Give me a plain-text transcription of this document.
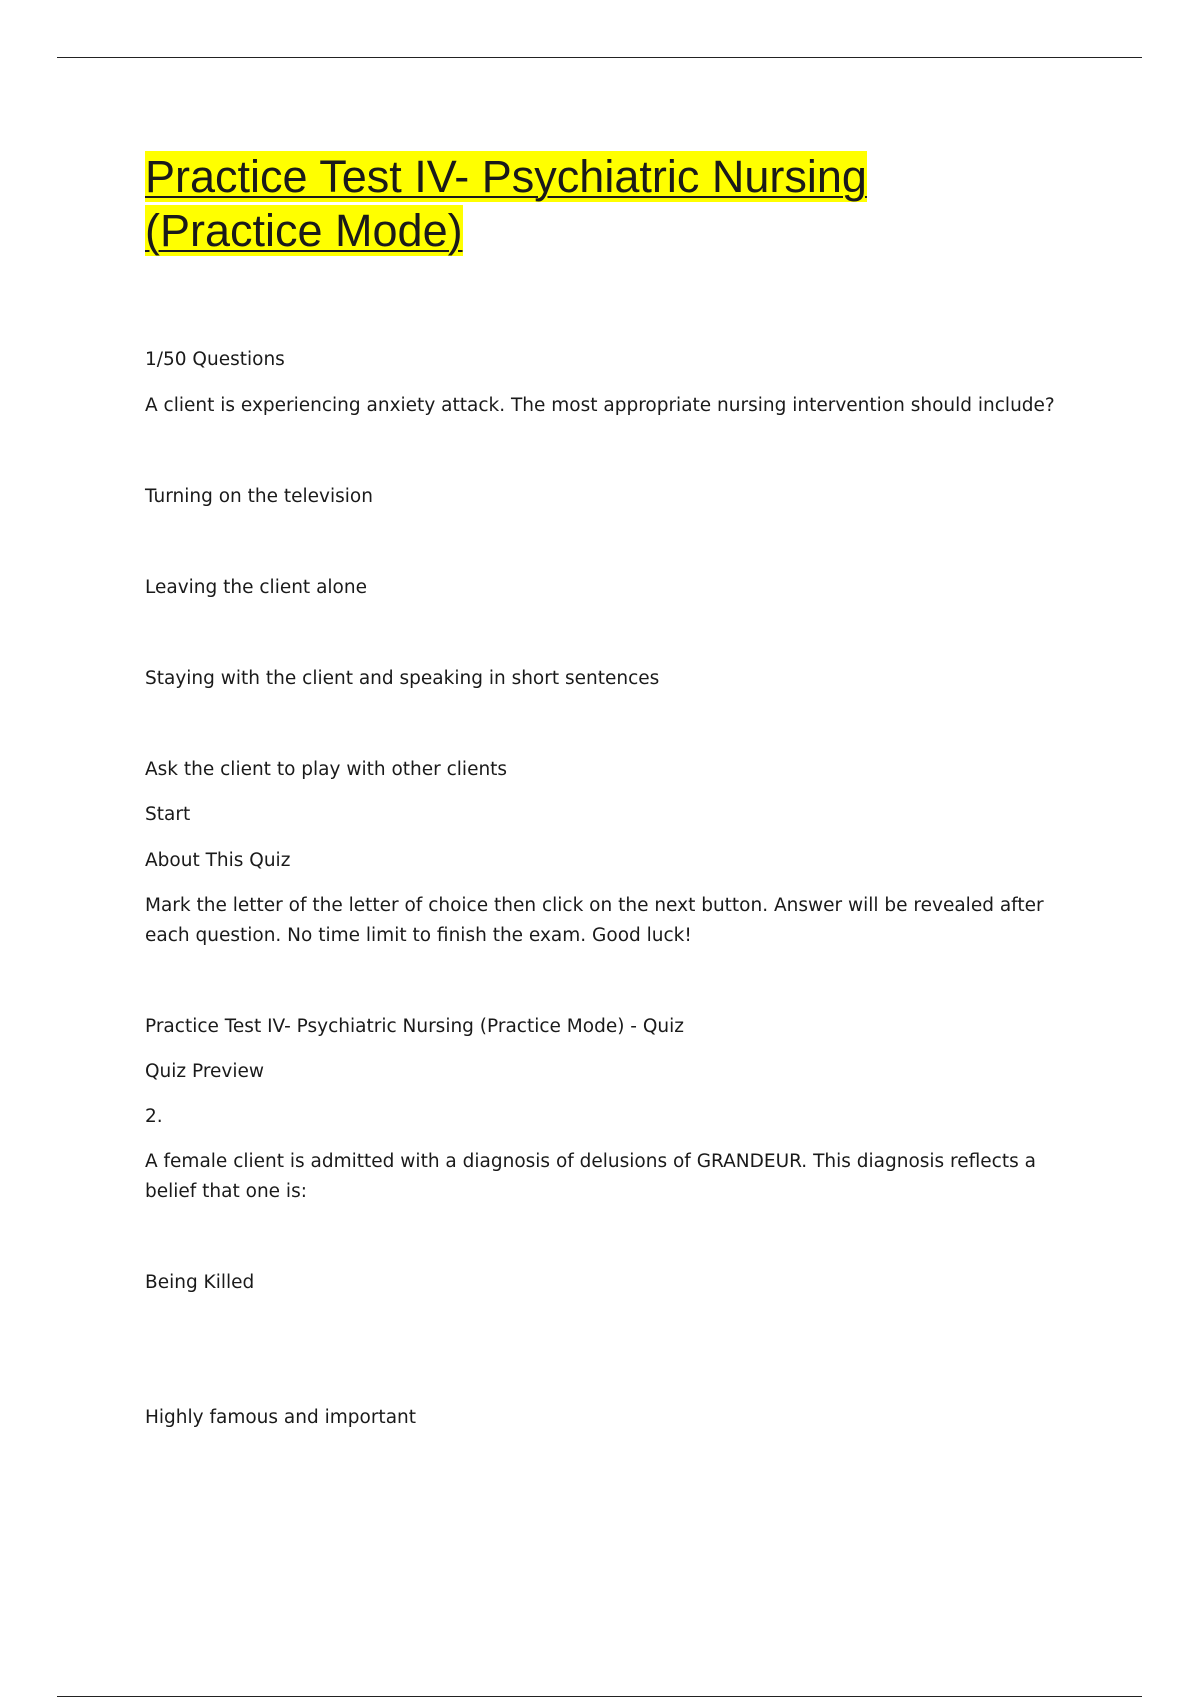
Practice Test IV- Psychiatric Nursing
(Practice Mode)
1/50 Questions
A client is experiencing anxiety attack. The most appropriate nursing intervention should include?
Turning on the television
Leaving the client alone
Staying with the client and speaking in short sentences
Ask the client to play with other clients
Start
About This Quiz
Mark the letter of the letter of choice then click on the next button. Answer will be revealed after each question. No time limit to finish the exam. Good luck!
Practice Test IV- Psychiatric Nursing (Practice Mode) - Quiz
Quiz Preview
2.
A female client is admitted with a diagnosis of delusions of GRANDEUR. This diagnosis reflects a belief that one is:
Being Killed
Highly famous and important
